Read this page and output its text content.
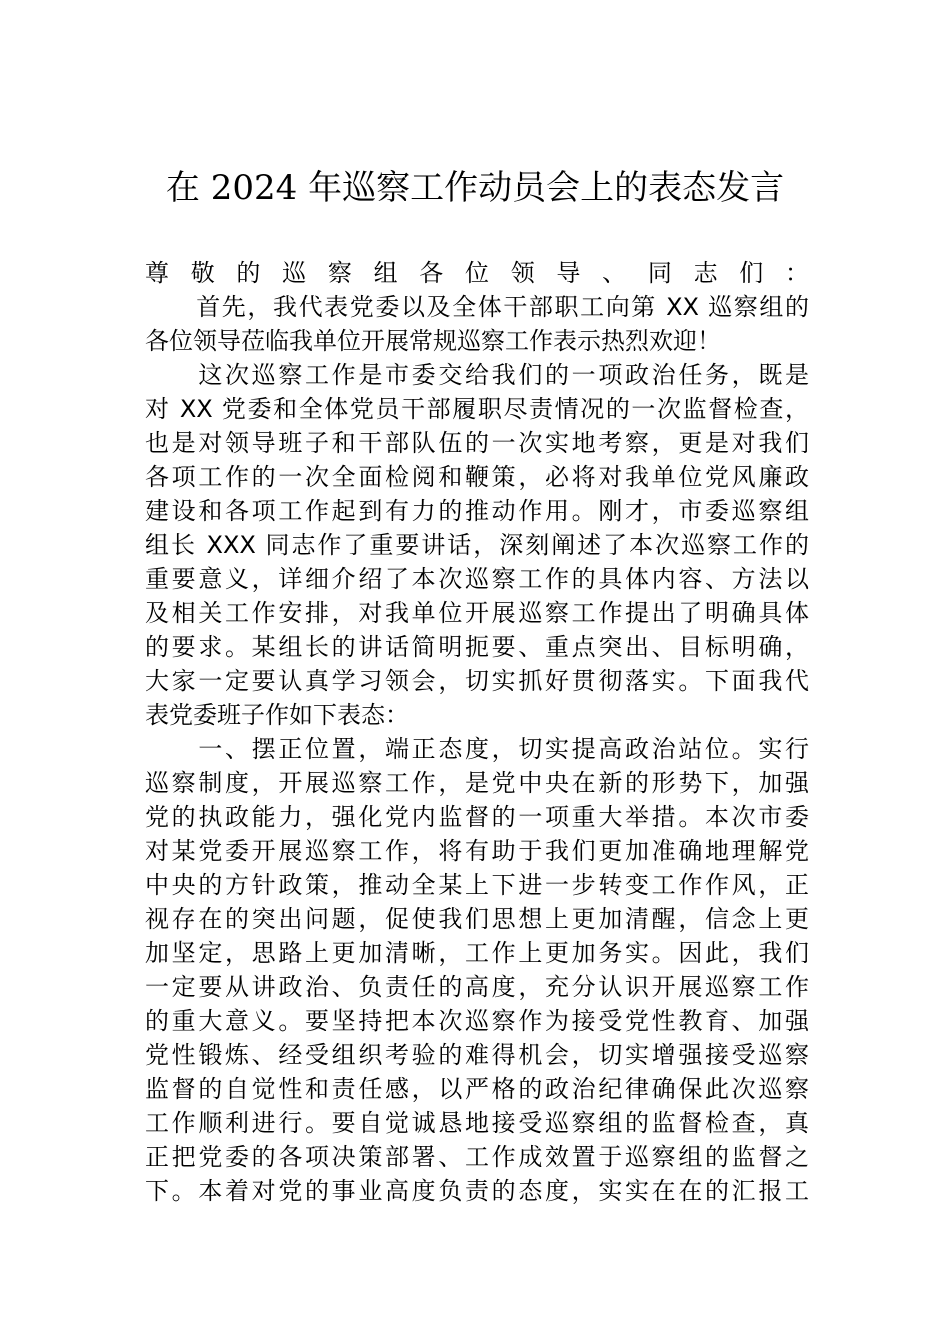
在 2024 年巡察工作动员会上的表态发言
尊敬的巡察组各位领导、同志们：
　　首先，我代表党委以及全体干部职工向第 XX 巡察组的
各位领导莅临我单位开展常规巡察工作表示热烈欢迎！
　　这次巡察工作是市委交给我们的一项政治任务，既是
对 XX 党委和全体党员干部履职尽责情况的一次监督检查，
也是对领导班子和干部队伍的一次实地考察，更是对我们
各项工作的一次全面检阅和鞭策，必将对我单位党风廉政
建设和各项工作起到有力的推动作用。刚才，市委巡察组
组长 XXX 同志作了重要讲话，深刻阐述了本次巡察工作的
重要意义，详细介绍了本次巡察工作的具体内容、方法以
及相关工作安排，对我单位开展巡察工作提出了明确具体
的要求。某组长的讲话简明扼要、重点突出、目标明确，
大家一定要认真学习领会，切实抓好贯彻落实。下面我代
表党委班子作如下表态：
　　一、摆正位置，端正态度，切实提高政治站位。实行
巡察制度，开展巡察工作，是党中央在新的形势下，加强
党的执政能力，强化党内监督的一项重大举措。本次市委
对某党委开展巡察工作，将有助于我们更加准确地理解党
中央的方针政策，推动全某上下进一步转变工作作风，正
视存在的突出问题，促使我们思想上更加清醒，信念上更
加坚定，思路上更加清晰，工作上更加务实。因此，我们
一定要从讲政治、负责任的高度，充分认识开展巡察工作
的重大意义。要坚持把本次巡察作为接受党性教育、加强
党性锻炼、经受组织考验的难得机会，切实增强接受巡察
监督的自觉性和责任感，以严格的政治纪律确保此次巡察
工作顺利进行。要自觉诚恳地接受巡察组的监督检查，真
正把党委的各项决策部署、工作成效置于巡察组的监督之
下。本着对党的事业高度负责的态度，实实在在的汇报工
